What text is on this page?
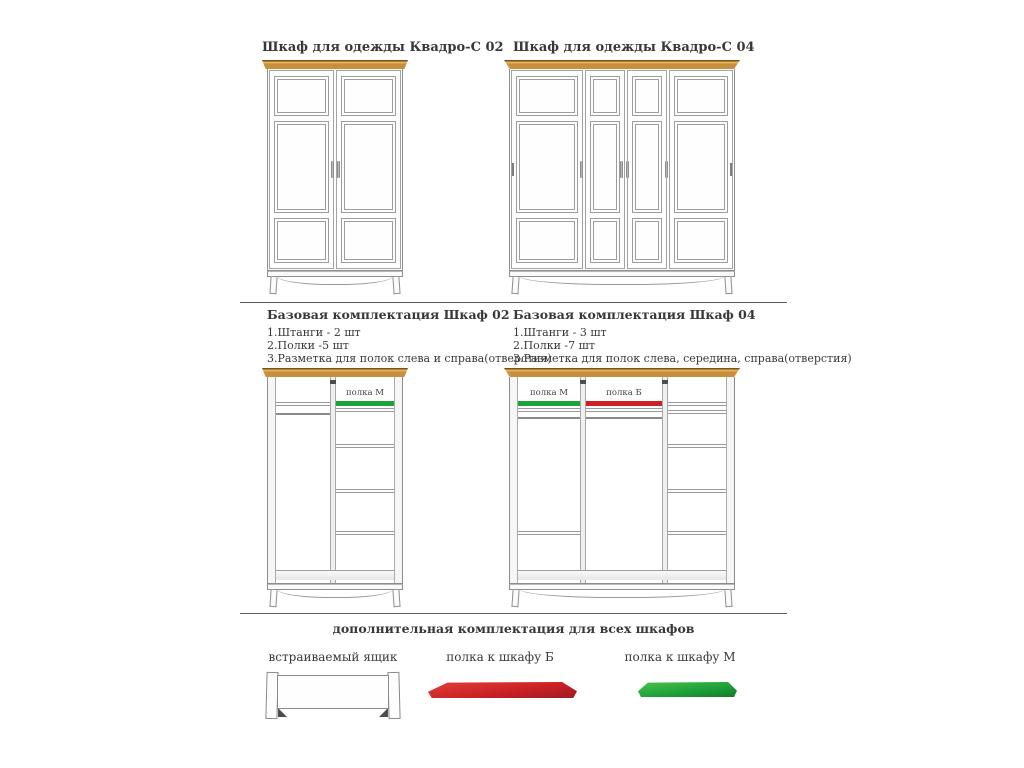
Шкаф для одежды Квадро-С 02 Шкаф для одежды Квадро-С 04
Базовая комплектация Шкаф 02
1.Штанги - 2 шт
2.Полки -5 шт
3.Разметка для полок слева и справа(отверстия)
Базовая комплектация Шкаф 04
1.Штанги - 3 шт
2.Полки -7 шт
3.Разметка для полок слева, середина, справа(отверстия)
полка М	полка М	полка Б
дополнительная комплектация для всех шкафов
встраиваемый ящик	полка к шкафу Б	полка к шкафу М
